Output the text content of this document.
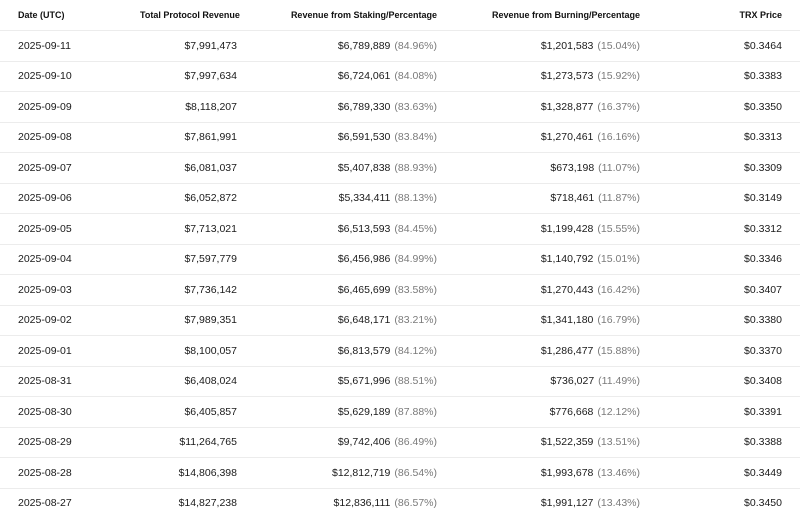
Date (UTC)	Total Protocol Revenue	Revenue from Staking/Percentage	Revenue from Burning/Percentage	TRX Price
2025-09-11	$7,991,473	$6,789,889 (84.96%)	$1,201,583 (15.04%)	$0.3464
2025-09-10	$7,997,634	$6,724,061 (84.08%)	$1,273,573 (15.92%)	$0.3383
2025-09-09	$8,118,207	$6,789,330 (83.63%)	$1,328,877 (16.37%)	$0.3350
2025-09-08	$7,861,991	$6,591,530 (83.84%)	$1,270,461 (16.16%)	$0.3313
2025-09-07	$6,081,037	$5,407,838 (88.93%)	$673,198 (11.07%)	$0.3309
2025-09-06	$6,052,872	$5,334,411 (88.13%)	$718,461 (11.87%)	$0.3149
2025-09-05	$7,713,021	$6,513,593 (84.45%)	$1,199,428 (15.55%)	$0.3312
2025-09-04	$7,597,779	$6,456,986 (84.99%)	$1,140,792 (15.01%)	$0.3346
2025-09-03	$7,736,142	$6,465,699 (83.58%)	$1,270,443 (16.42%)	$0.3407
2025-09-02	$7,989,351	$6,648,171 (83.21%)	$1,341,180 (16.79%)	$0.3380
2025-09-01	$8,100,057	$6,813,579 (84.12%)	$1,286,477 (15.88%)	$0.3370
2025-08-31	$6,408,024	$5,671,996 (88.51%)	$736,027 (11.49%)	$0.3408
2025-08-30	$6,405,857	$5,629,189 (87.88%)	$776,668 (12.12%)	$0.3391
2025-08-29	$11,264,765	$9,742,406 (86.49%)	$1,522,359 (13.51%)	$0.3388
2025-08-28	$14,806,398	$12,812,719 (86.54%)	$1,993,678 (13.46%)	$0.3449
2025-08-27	$14,827,238	$12,836,111 (86.57%)	$1,991,127 (13.43%)	$0.3450
